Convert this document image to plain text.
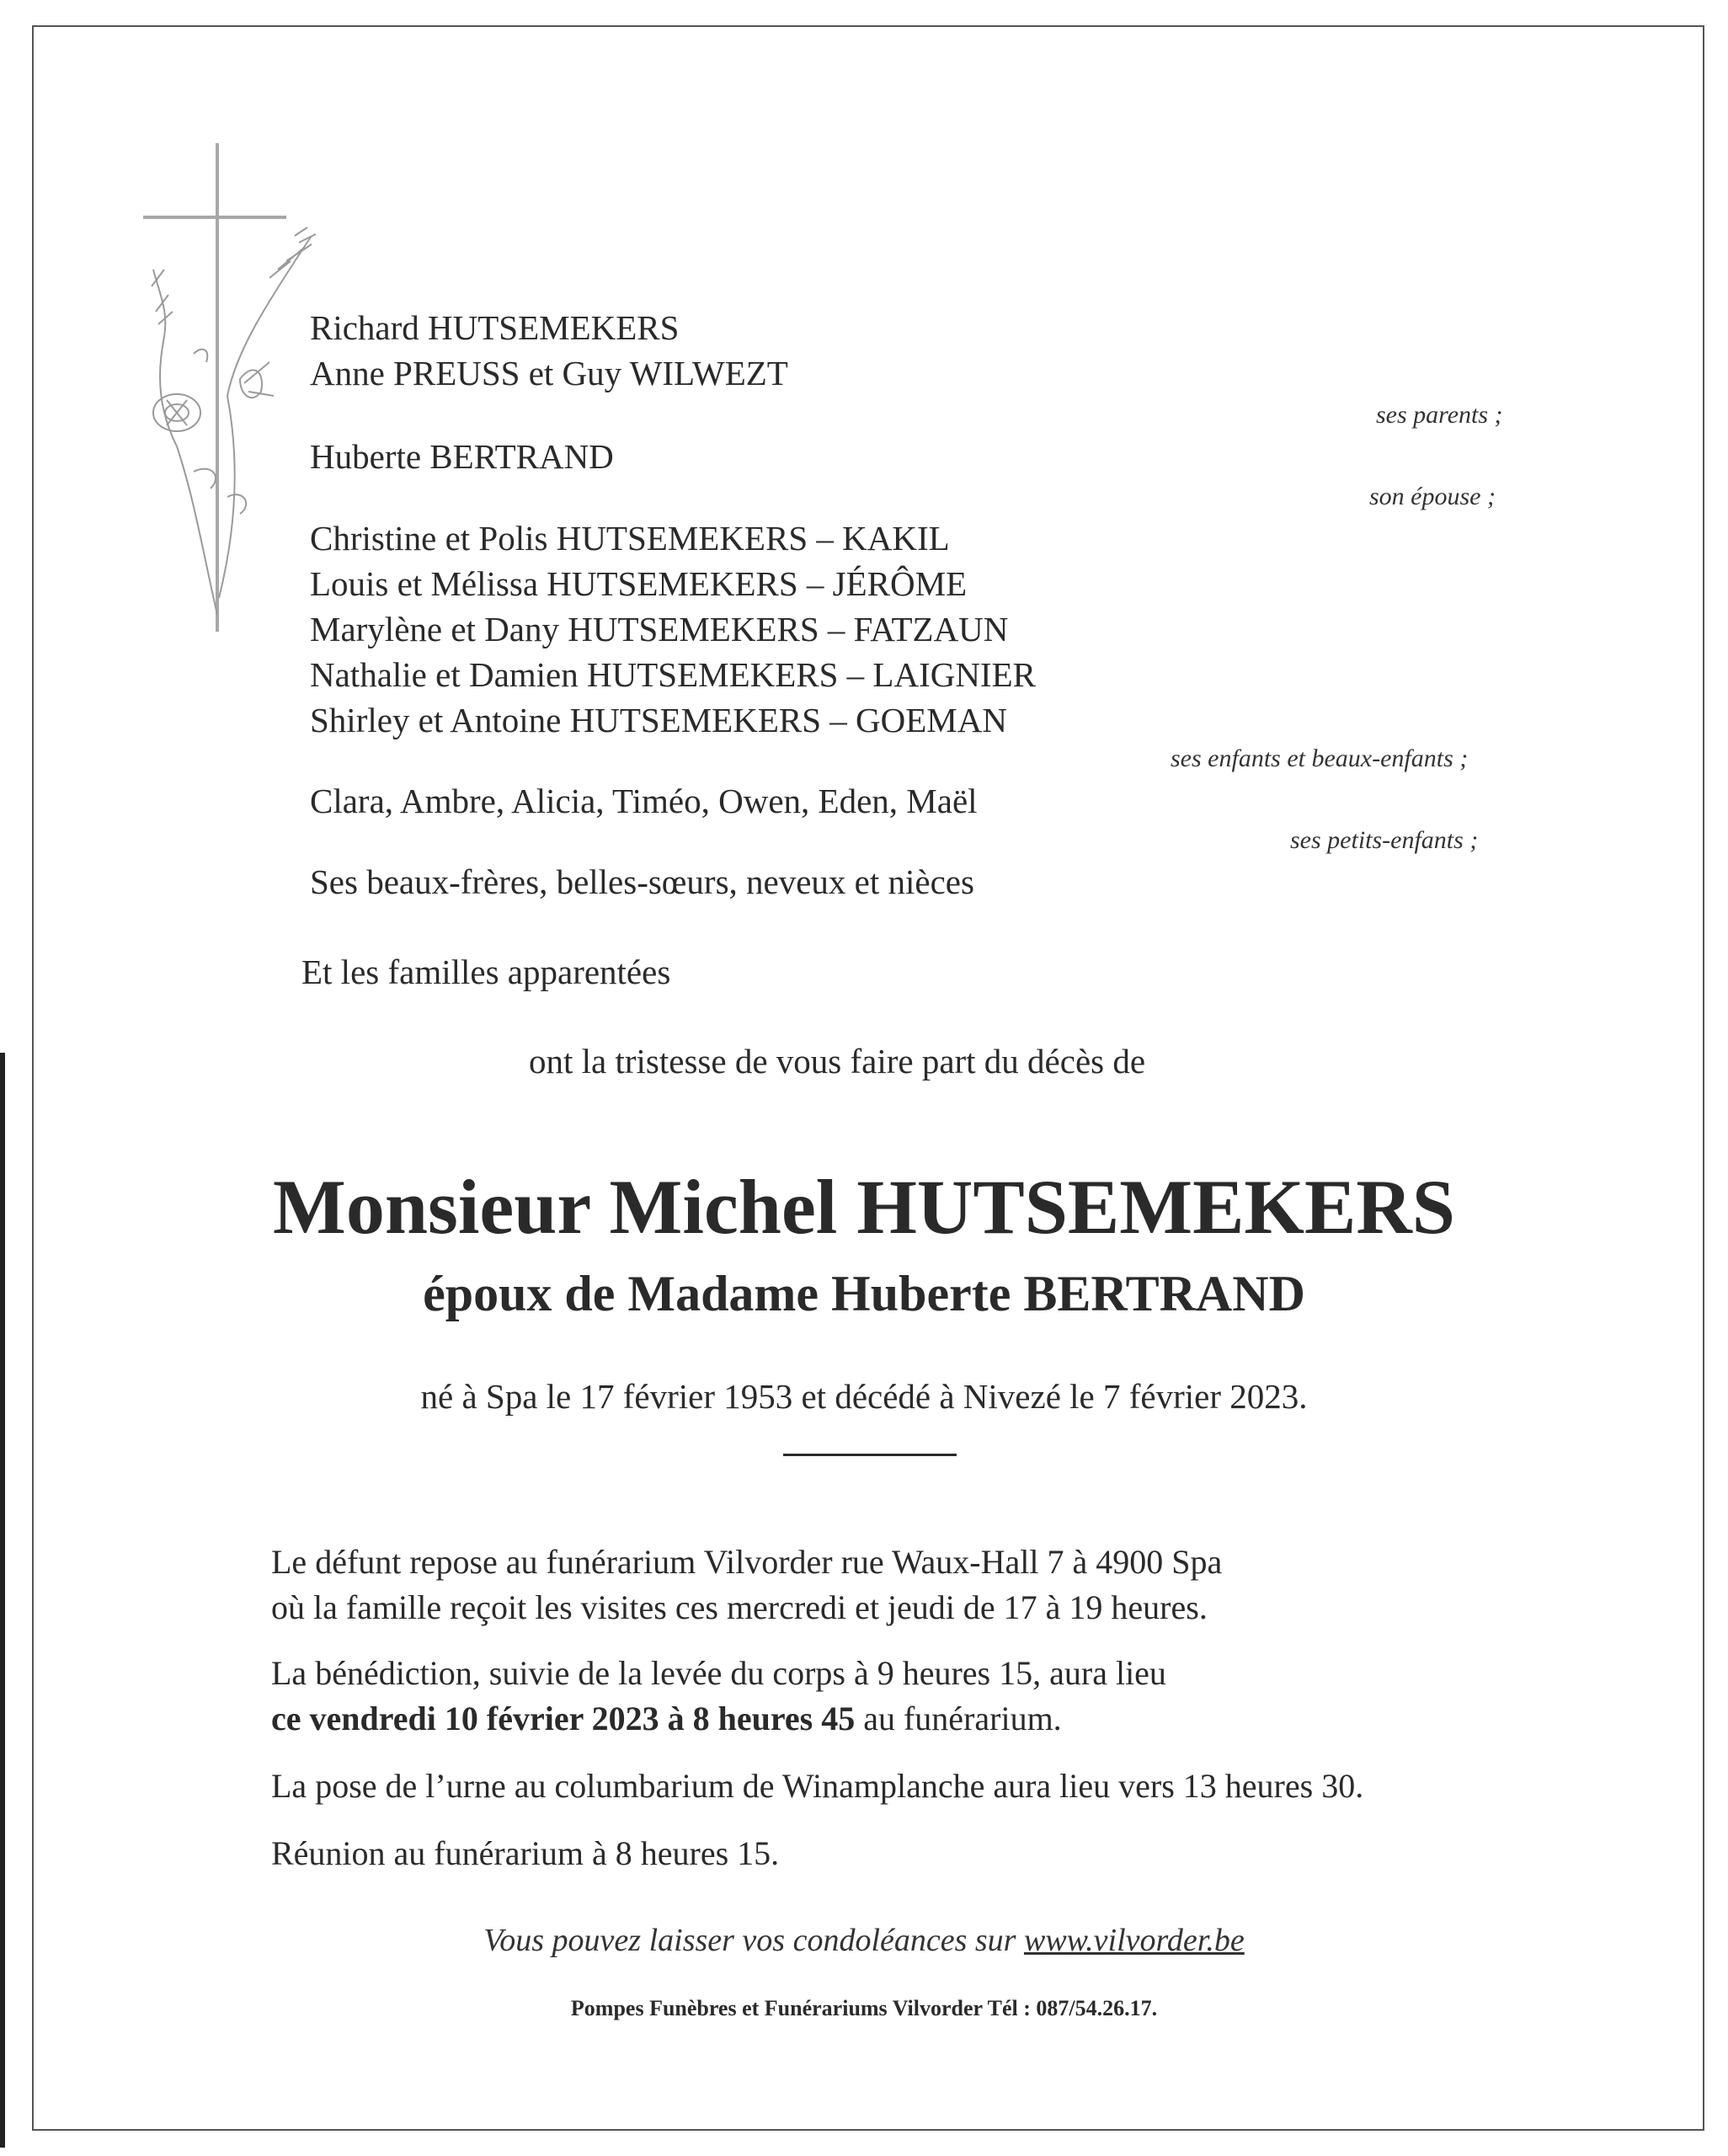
Richard HUTSEMEKERS
Anne PREUSS et Guy WILWEZT
ses parents ;
Huberte BERTRAND
son épouse ;
Christine et Polis HUTSEMEKERS – KAKIL
Louis et Mélissa HUTSEMEKERS – JÉRÔME
Marylène et Dany HUTSEMEKERS – FATZAUN
Nathalie et Damien HUTSEMEKERS – LAIGNIER
Shirley et Antoine HUTSEMEKERS – GOEMAN
ses enfants et beaux-enfants ;
Clara, Ambre, Alicia, Timéo, Owen, Eden, Maël
ses petits-enfants ;
Ses beaux-frères, belles-sœurs, neveux et nièces
Et les familles apparentées
ont la tristesse de vous faire part du décès de
Monsieur Michel HUTSEMEKERS
époux de Madame Huberte BERTRAND
né à Spa le 17 février 1953 et décédé à Nivezé le 7 février 2023.
Le défunt repose au funérarium Vilvorder rue Waux-Hall 7 à 4900 Spa
où la famille reçoit les visites ces mercredi et jeudi de 17 à 19 heures.
La bénédiction, suivie de la levée du corps à 9 heures 15, aura lieu
ce vendredi 10 février 2023 à 8 heures 45 au funérarium.
La pose de l’urne au columbarium de Winamplanche aura lieu vers 13 heures 30.
Réunion au funérarium à 8 heures 15.
Vous pouvez laisser vos condoléances sur www.vilvorder.be
Pompes Funèbres et Funérariums Vilvorder Tél : 087/54.26.17.
